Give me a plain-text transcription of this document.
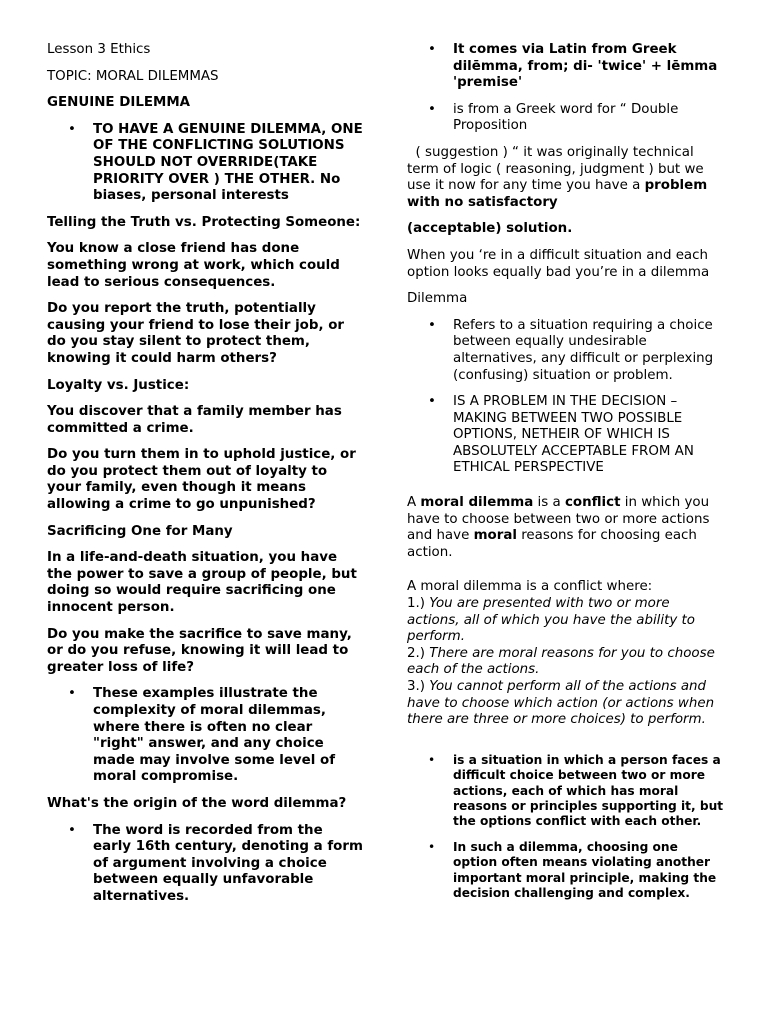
Lesson 3 Ethics

TOPIC: MORAL DILEMMAS

GENUINE DILEMMA

• TO HAVE A GENUINE DILEMMA, ONE OF THE CONFLICTING SOLUTIONS SHOULD NOT OVERRIDE(TAKE PRIORITY OVER ) THE OTHER. No biases, personal interests

Telling the Truth vs. Protecting Someone:

You know a close friend has done something wrong at work, which could lead to serious consequences.

Do you report the truth, potentially causing your friend to lose their job, or do you stay silent to protect them, knowing it could harm others?

Loyalty vs. Justice:

You discover that a family member has committed a crime.

Do you turn them in to uphold justice, or do you protect them out of loyalty to your family, even though it means allowing a crime to go unpunished?

Sacrificing One for Many

In a life-and-death situation, you have the power to save a group of people, but doing so would require sacrificing one innocent person.

Do you make the sacrifice to save many, or do you refuse, knowing it will lead to greater loss of life?

• These examples illustrate the complexity of moral dilemmas, where there is often no clear "right" answer, and any choice made may involve some level of moral compromise.

What's the origin of the word dilemma?

• The word is recorded from the early 16th century, denoting a form of argument involving a choice between equally unfavorable alternatives.
• It comes via Latin from Greek dilēmma, from; di- 'twice' + lēmma 'premise'
• is from a Greek word for “ Double Proposition

( suggestion ) “ it was originally technical term of logic ( reasoning, judgment ) but we use it now for any time you have a problem with no satisfactory

(acceptable) solution.

When you ‘re in a difficult situation and each option looks equally bad you’re in a dilemma

Dilemma

• Refers to a situation requiring a choice between equally undesirable alternatives, any difficult or perplexing (confusing) situation or problem.
• IS A PROBLEM IN THE DECISION – MAKING BETWEEN TWO POSSIBLE OPTIONS, NETHEIR OF WHICH IS ABSOLUTELY ACCEPTABLE FROM AN ETHICAL PERSPECTIVE

A moral dilemma is a conflict in which you have to choose between two or more actions and have moral reasons for choosing each action.

A moral dilemma is a conflict where:

1.) You are presented with two or more actions, all of which you have the ability to perform.
2.) There are moral reasons for you to choose each of the actions.
3.) You cannot perform all of the actions and have to choose which action (or actions when there are three or more choices) to perform.
• is a situation in which a person faces a difficult choice between two or more actions, each of which has moral reasons or principles supporting it, but the options conflict with each other.
• In such a dilemma, choosing one option often means violating another important moral principle, making the decision challenging and complex.
